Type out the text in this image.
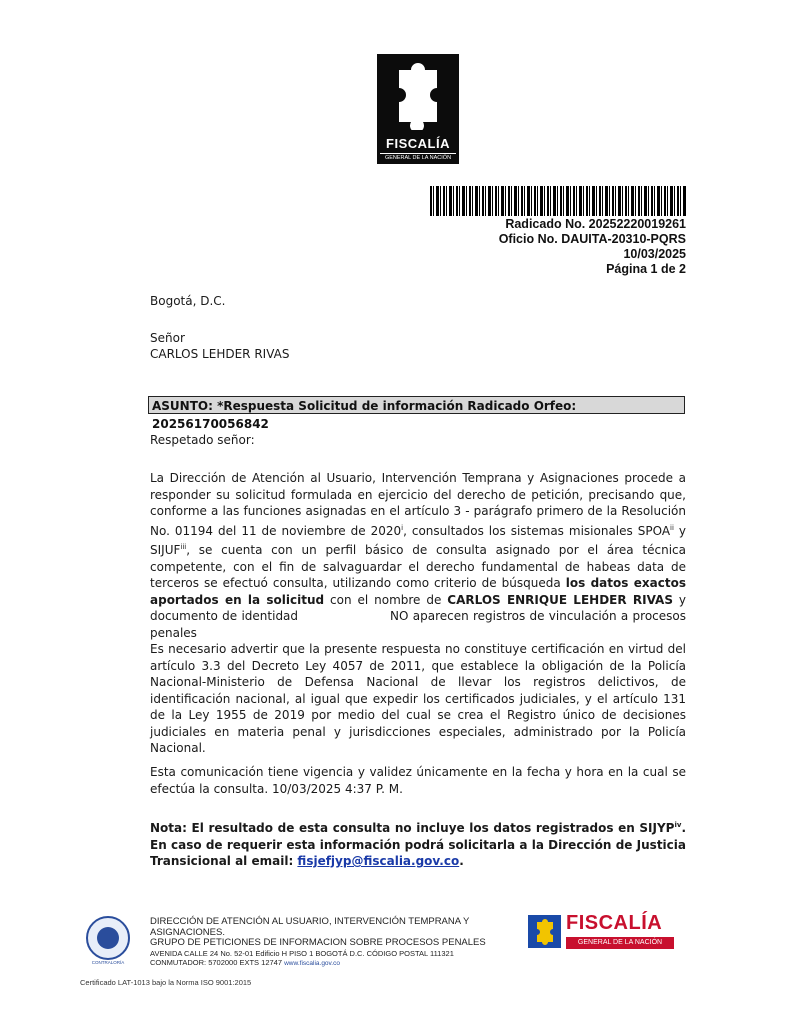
FISCALÍA
GENERAL DE LA NACIÓN
Radicado No. 20252220019261
Oficio No. DAUITA-20310-PQRS
10/03/2025
Página 1 de 2
Bogotá, D.C.
Señor
CARLOS LEHDER RIVAS
ASUNTO: *Respuesta Solicitud de información Radicado Orfeo: 20256170056842
Respetado señor:
La Dirección de Atención al Usuario, Intervención Temprana y Asignaciones procede a responder su solicitud formulada en ejercicio del derecho de petición, precisando que, conforme a las funciones asignadas en el artículo 3 - parágrafo primero de la Resolución No. 01194 del 11 de noviembre de 2020$^i$, consultados los sistemas misionales SPOA$^{ii}$ y SIJUF$^{iii}$, se cuenta con un perfil básico de consulta asignado por el área técnica competente, con el fin de salvaguardar el derecho fundamental de habeas data de terceros se efectuó consulta, utilizando como criterio de búsqueda los datos exactos aportados en la solicitud con el nombre de CARLOS ENRIQUE LEHDER RIVAS y documento de identidad	NO aparecen registros de vinculación a procesos penales
Es necesario advertir que la presente respuesta no constituye certificación en virtud del artículo 3.3 del Decreto Ley 4057 de 2011, que establece la obligación de la Policía Nacional-Ministerio de Defensa Nacional de llevar los registros delictivos, de identificación nacional, al igual que expedir los certificados judiciales, y el artículo 131 de la Ley 1955 de 2019 por medio del cual se crea el Registro único de decisiones judiciales en materia penal y jurisdicciones especiales, administrado por la Policía Nacional.
Esta comunicación tiene vigencia y validez únicamente en la fecha y hora en la cual se efectúa la consulta. 10/03/2025 4:37 P. M.
Nota: El resultado de esta consulta no incluye los datos registrados en SIJYP$^{iv}$. En caso de requerir esta información podrá solicitarla a la Dirección de Justicia Transicional al email: fisjefjyp@fiscalia.gov.co.
CONTRALORÍA
DIRECCIÓN DE ATENCIÓN AL USUARIO, INTERVENCIÓN TEMPRANA Y ASIGNACIONES.
GRUPO DE PETICIONES DE INFORMACION SOBRE PROCESOS PENALES
AVENIDA CALLE 24 No. 52-01 Edificio H PISO 1 BOGOTÁ D.C. CÓDIGO POSTAL 111321
CONMUTADOR: 5702000 EXTS 12747 www.fiscalia.gov.co
FISCALÍA
GENERAL DE LA NACIÓN
Certificado LAT-1013 bajo la Norma ISO 9001:2015
